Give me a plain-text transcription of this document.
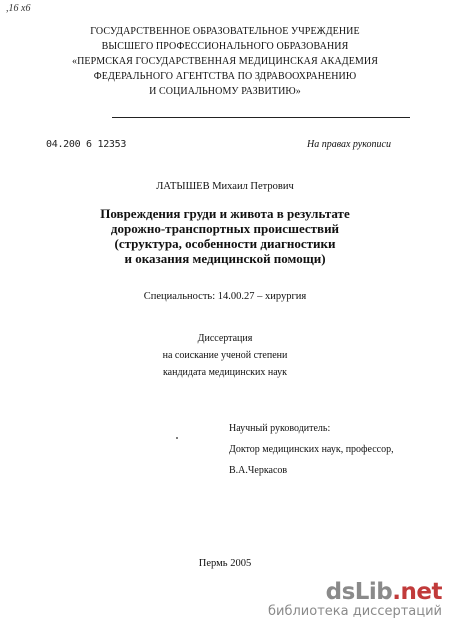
,16 x6
ГОСУДАРСТВЕННОЕ ОБРАЗОВАТЕЛЬНОЕ УЧРЕЖДЕНИЕ
ВЫСШЕГО ПРОФЕССИОНАЛЬНОГО ОБРАЗОВАНИЯ
«ПЕРМСКАЯ ГОСУДАРСТВЕННАЯ МЕДИЦИНСКАЯ АКАДЕМИЯ
ФЕДЕРАЛЬНОГО АГЕНТСТВА ПО ЗДРАВООХРАНЕНИЮ
И СОЦИАЛЬНОМУ РАЗВИТИЮ»
04.200 6 12353	На правах рукописи
ЛАТЫШЕВ Михаил Петрович
Повреждения груди и живота в результате
дорожно-транспортных происшествий
(структура, особенности диагностики
и оказания медицинской помощи)
Специальность: 14.00.27 – хирургия
Диссертация
на соискание ученой степени
кандидата медицинских наук
Научный руководитель:
Доктор медицинских наук, профессор,
В.А.Черкасов
Пермь 2005
dsLib.net
библиотека диссертаций
